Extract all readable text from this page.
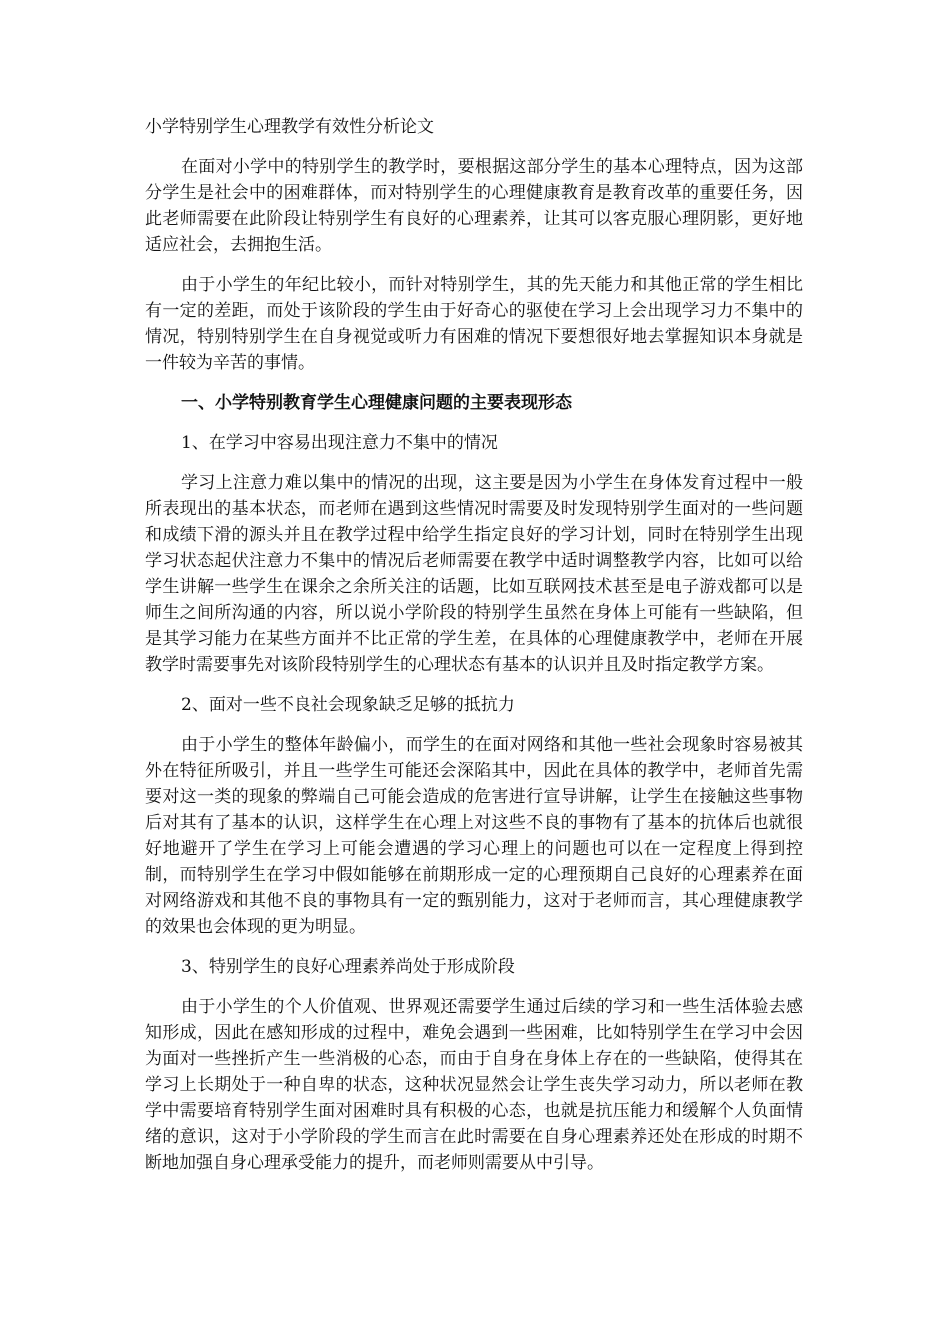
小学特别学生心理教学有效性分析论文

在面对小学中的特别学生的教学时，要根据这部分学生的基本心理特点，因为这部分学生是社会中的困难群体，而对特别学生的心理健康教育是教育改革的重要任务，因此老师需要在此阶段让特别学生有良好的心理素养，让其可以客克服心理阴影，更好地适应社会，去拥抱生活。

由于小学生的年纪比较小，而针对特别学生，其的先天能力和其他正常的学生相比有一定的差距，而处于该阶段的学生由于好奇心的驱使在学习上会出现学习力不集中的情况，特别特别学生在自身视觉或听力有困难的情况下要想很好地去掌握知识本身就是一件较为辛苦的事情。

一、小学特别教育学生心理健康问题的主要表现形态

1、在学习中容易出现注意力不集中的情况

学习上注意力难以集中的情况的出现，这主要是因为小学生在身体发育过程中一般所表现出的基本状态，而老师在遇到这些情况时需要及时发现特别学生面对的一些问题和成绩下滑的源头并且在教学过程中给学生指定良好的学习计划，同时在特别学生出现学习状态起伏注意力不集中的情况后老师需要在教学中适时调整教学内容，比如可以给学生讲解一些学生在课余之余所关注的话题，比如互联网技术甚至是电子游戏都可以是师生之间所沟通的内容，所以说小学阶段的特别学生虽然在身体上可能有一些缺陷，但是其学习能力在某些方面并不比正常的学生差，在具体的心理健康教学中，老师在开展教学时需要事先对该阶段特别学生的心理状态有基本的认识并且及时指定教学方案。

2、面对一些不良社会现象缺乏足够的抵抗力

由于小学生的整体年龄偏小，而学生的在面对网络和其他一些社会现象时容易被其外在特征所吸引，并且一些学生可能还会深陷其中，因此在具体的教学中，老师首先需要对这一类的现象的弊端自己可能会造成的危害进行宣导讲解，让学生在接触这些事物后对其有了基本的认识，这样学生在心理上对这些不良的事物有了基本的抗体后也就很好地避开了学生在学习上可能会遭遇的学习心理上的问题也可以在一定程度上得到控制，而特别学生在学习中假如能够在前期形成一定的心理预期自己良好的心理素养在面对网络游戏和其他不良的事物具有一定的甄别能力，这对于老师而言，其心理健康教学的效果也会体现的更为明显。

3、特别学生的良好心理素养尚处于形成阶段

由于小学生的个人价值观、世界观还需要学生通过后续的学习和一些生活体验去感知形成，因此在感知形成的过程中，难免会遇到一些困难，比如特别学生在学习中会因为面对一些挫折产生一些消极的心态，而由于自身在身体上存在的一些缺陷，使得其在学习上长期处于一种自卑的状态，这种状况显然会让学生丧失学习动力，所以老师在教学中需要培育特别学生面对困难时具有积极的心态，也就是抗压能力和缓解个人负面情绪的意识，这对于小学阶段的学生而言在此时需要在自身心理素养还处在形成的时期不断地加强自身心理承受能力的提升，而老师则需要从中引导。
